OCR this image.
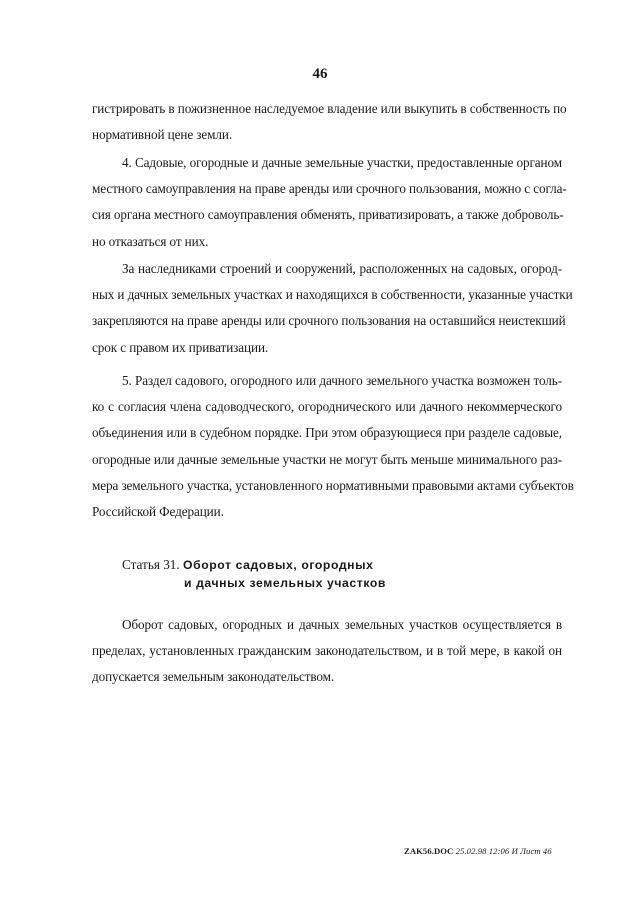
46
гистрировать в пожизненное наследуемое владение или выкупить в собственность по
нормативной цене земли.
4. Садовые, огородные и дачные земельные участки, предоставленные органом
местного самоуправления на праве аренды или срочного пользования, можно с согла-
сия органа местного самоуправления обменять, приватизировать, а также доброволь-
но отказаться от них.
За наследниками строений и сооружений, расположенных на садовых, огород-
ных и дачных земельных участках и находящихся в собственности, указанные участки
закрепляются на праве аренды или срочного пользования на оставшийся неистекший
срок с правом их приватизации.
5. Раздел садового, огородного или дачного земельного участка возможен толь-
ко с согласия члена садоводческого, огороднического или дачного некоммерческого
объединения или в судебном порядке. При этом образующиеся при разделе садовые,
огородные или дачные земельные участки не могут быть меньше минимального раз-
мера земельного участка, установленного нормативными правовыми актами субъектов
Российской Федерации.
Статья 31. Оборот садовых, огородных
и дачных земельных участков
Оборот садовых, огородных и дачных земельных участков осуществляется в
пределах, установленных гражданским законодательством, и в той мере, в какой он
допускается земельным законодательством.
ZAK56.DOC 25.02.98 12:06 И Лист 46
